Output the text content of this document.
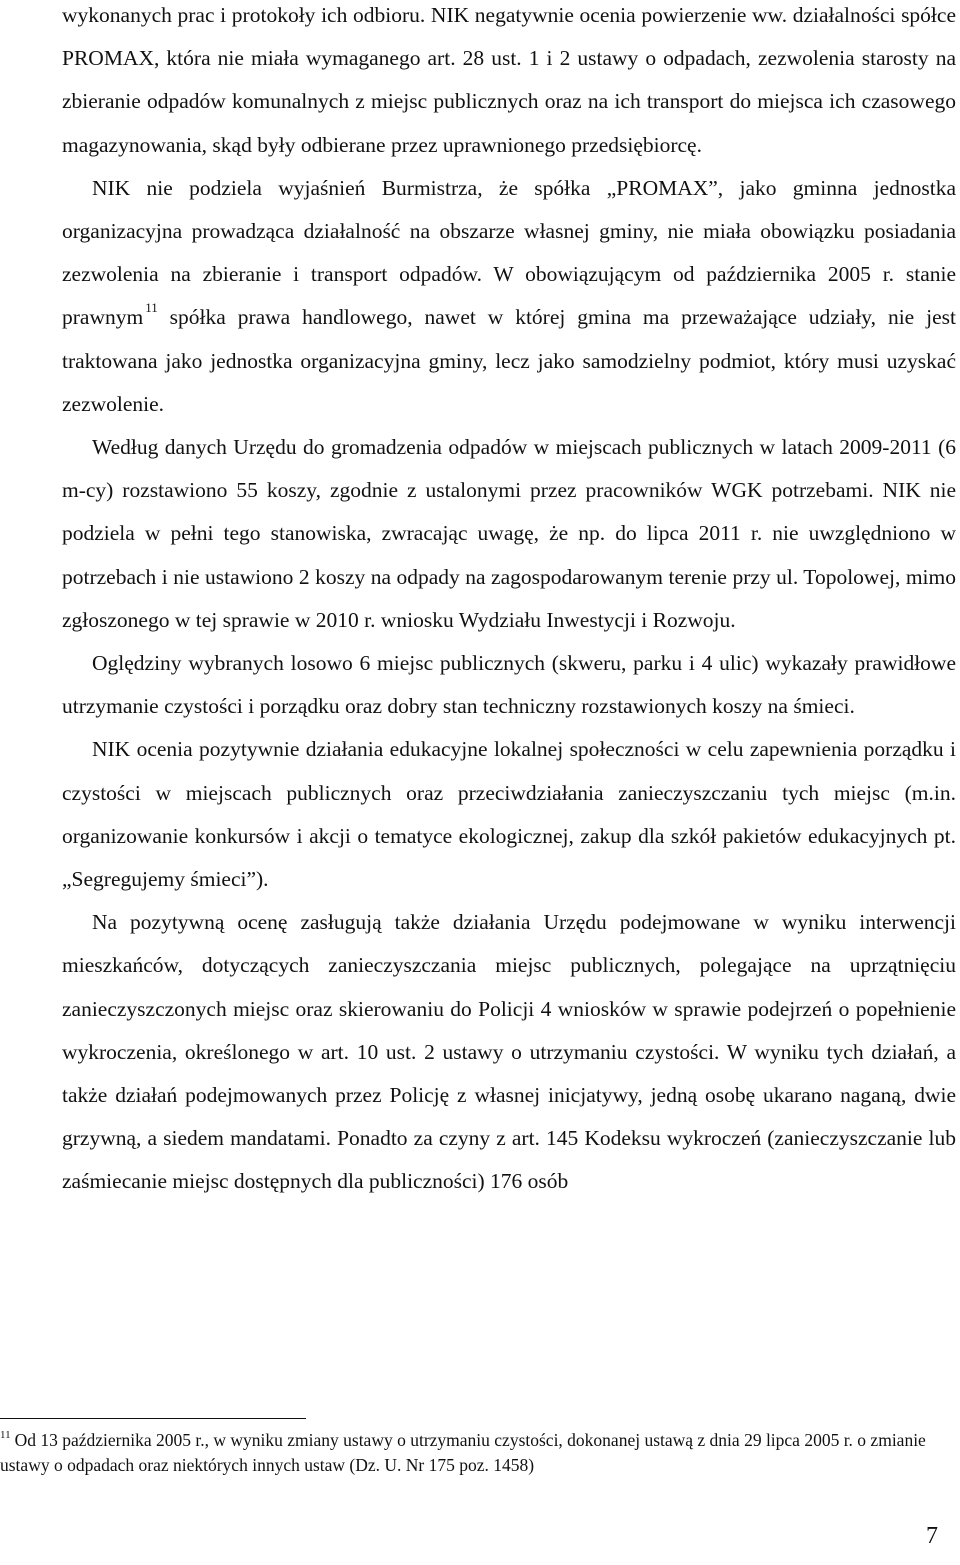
wykonanych prac i protokoły ich odbioru. NIK negatywnie ocenia powierzenie ww. działalności spółce PROMAX, która nie miała wymaganego art. 28 ust. 1 i 2 ustawy o odpadach, zezwolenia starosty na zbieranie odpadów komunalnych z miejsc publicznych oraz na ich transport do miejsca ich czasowego magazynowania, skąd były odbierane przez uprawnionego przedsiębiorcę.

NIK nie podziela wyjaśnień Burmistrza, że spółka „PROMAX”, jako gminna jednostka organizacyjna prowadząca działalność na obszarze własnej gminy, nie miała obowiązku posiadania zezwolenia na zbieranie i transport odpadów. W obowiązującym od października 2005 r. stanie prawnym $^{11}$ spółka prawa handlowego, nawet w której gmina ma przeważające udziały, nie jest traktowana jako jednostka organizacyjna gminy, lecz jako samodzielny podmiot, który musi uzyskać zezwolenie.

Według danych Urzędu do gromadzenia odpadów w miejscach publicznych w latach 2009-2011 (6 m-cy) rozstawiono 55 koszy, zgodnie z ustalonymi przez pracowników WGK potrzebami. NIK nie podziela w pełni tego stanowiska, zwracając uwagę, że np. do lipca 2011 r. nie uwzględniono w potrzebach i nie ustawiono 2 koszy na odpady na zagospodarowanym terenie przy ul. Topolowej, mimo zgłoszonego w tej sprawie w 2010 r. wniosku Wydziału Inwestycji i Rozwoju.

Oględziny wybranych losowo 6 miejsc publicznych (skweru, parku i 4 ulic) wykazały prawidłowe utrzymanie czystości i porządku oraz dobry stan techniczny rozstawionych koszy na śmieci.

NIK ocenia pozytywnie działania edukacyjne lokalnej społeczności w celu zapewnienia porządku i czystości w miejscach publicznych oraz przeciwdziałania zanieczyszczaniu tych miejsc (m.in. organizowanie konkursów i akcji o tematyce ekologicznej, zakup dla szkół pakietów edukacyjnych pt. „Segregujemy śmieci”).

Na pozytywną ocenę zasługują także działania Urzędu podejmowane w wyniku interwencji mieszkańców, dotyczących zanieczyszczania miejsc publicznych, polegające na uprzątnięciu zanieczyszczonych miejsc oraz skierowaniu do Policji 4 wniosków w sprawie podejrzeń o popełnienie wykroczenia, określonego w art. 10 ust. 2 ustawy o utrzymaniu czystości. W wyniku tych działań, a także działań podejmowanych przez Policję z własnej inicjatywy, jedną osobę ukarano naganą, dwie grzywną, a siedem mandatami. Ponadto za czyny z art. 145 Kodeksu wykroczeń (zanieczyszczanie lub zaśmiecanie miejsc dostępnych dla publiczności) 176 osób

$^{11}$ Od 13 października 2005 r., w wyniku zmiany ustawy o utrzymaniu czystości, dokonanej ustawą z dnia 29 lipca 2005 r. o zmianie ustawy o odpadach oraz niektórych innych ustaw (Dz. U. Nr 175 poz. 1458)

7
